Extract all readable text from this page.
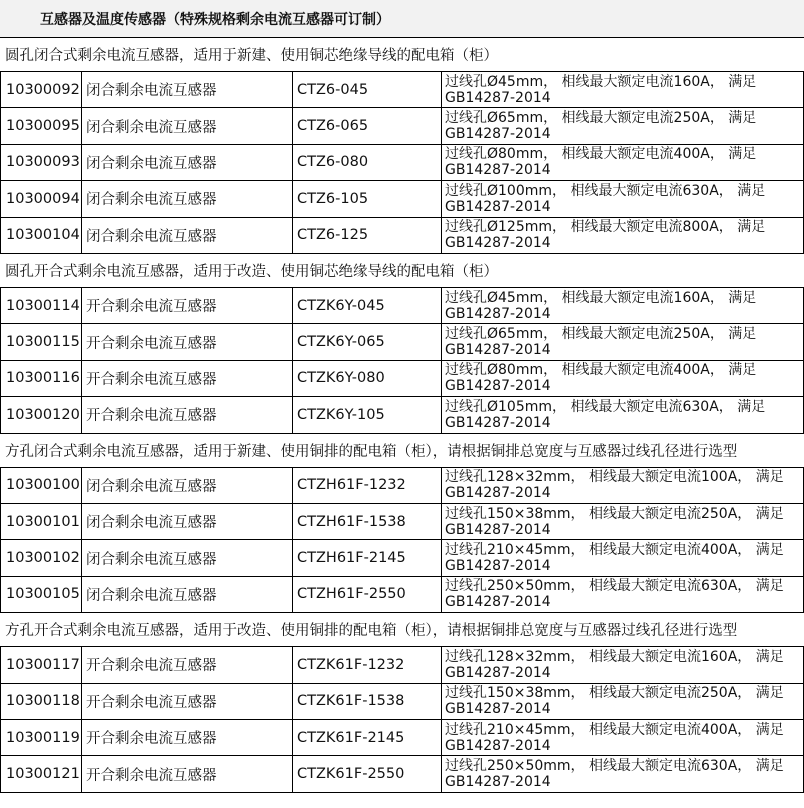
互感器及温度传感器（特殊规格剩余电流互感器可订制）
圆孔闭合式剩余电流互感器，适用于新建、使用铜芯绝缘导线的配电箱（柜）
10300092 闭合剩余电流互感器	CTZ6-045	过线孔Ø45mm， 相线最大额定电流160A， 满足
GB14287-2014
10300095 闭合剩余电流互感器	CTZ6-065	过线孔Ø65mm， 相线最大额定电流250A， 满足
GB14287-2014
10300093 闭合剩余电流互感器	CTZ6-080	过线孔Ø80mm， 相线最大额定电流400A， 满足
GB14287-2014
10300094 闭合剩余电流互感器	CTZ6-105	过线孔Ø100mm， 相线最大额定电流630A， 满足
GB14287-2014
10300104 闭合剩余电流互感器	CTZ6-125	过线孔Ø125mm， 相线最大额定电流800A， 满足
GB14287-2014
圆孔开合式剩余电流互感器，适用于改造、使用铜芯绝缘导线的配电箱（柜）
10300114 开合剩余电流互感器	CTZK6Y-045	过线孔Ø45mm， 相线最大额定电流160A， 满足
GB14287-2014
10300115 开合剩余电流互感器	CTZK6Y-065	过线孔Ø65mm， 相线最大额定电流250A， 满足
GB14287-2014
10300116 开合剩余电流互感器	CTZK6Y-080	过线孔Ø80mm， 相线最大额定电流400A， 满足
GB14287-2014
10300120 开合剩余电流互感器	CTZK6Y-105	过线孔Ø105mm， 相线最大额定电流630A， 满足
GB14287-2014
方孔闭合式剩余电流互感器，适用于新建、使用铜排的配电箱（柜），请根据铜排总宽度与互感器过线孔径进行选型
10300100 闭合剩余电流互感器	CTZH61F-1232	过线孔128×32mm， 相线最大额定电流100A， 满足
GB14287-2014
10300101 闭合剩余电流互感器	CTZH61F-1538	过线孔150×38mm， 相线最大额定电流250A， 满足
GB14287-2014
10300102 闭合剩余电流互感器	CTZH61F-2145	过线孔210×45mm， 相线最大额定电流400A， 满足
GB14287-2014
10300105 闭合剩余电流互感器	CTZH61F-2550	过线孔250×50mm， 相线最大额定电流630A， 满足
GB14287-2014
方孔开合式剩余电流互感器，适用于改造、使用铜排的配电箱（柜），请根据铜排总宽度与互感器过线孔径进行选型
10300117 开合剩余电流互感器	CTZK61F-1232	过线孔128×32mm， 相线最大额定电流160A， 满足
GB14287-2014
10300118 开合剩余电流互感器	CTZK61F-1538	过线孔150×38mm， 相线最大额定电流250A， 满足
GB14287-2014
10300119 开合剩余电流互感器	CTZK61F-2145	过线孔210×45mm， 相线最大额定电流400A， 满足
GB14287-2014
10300121 开合剩余电流互感器	CTZK61F-2550	过线孔250×50mm， 相线最大额定电流630A， 满足
GB14287-2014
